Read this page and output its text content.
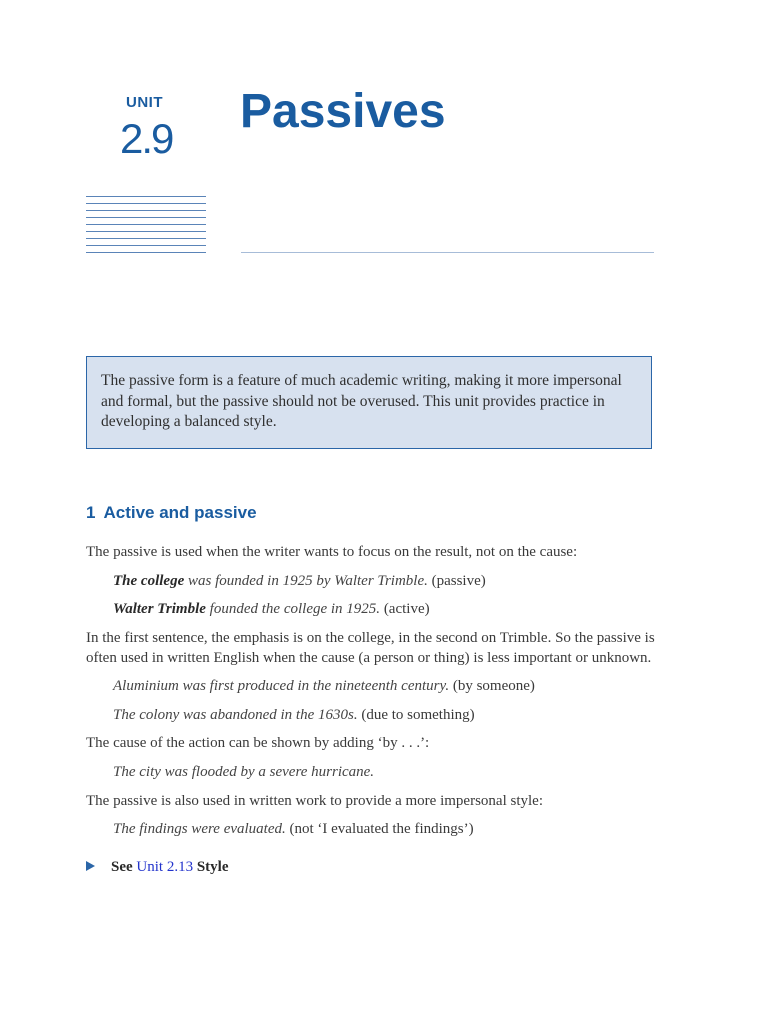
UNIT
2.9
Passives
The passive form is a feature of much academic writing, making it more impersonal and formal, but the passive should not be overused. This unit provides practice in developing a balanced style.
1 Active and passive

The passive is used when the writer wants to focus on the result, not on the cause:

The college was founded in 1925 by Walter Trimble. (passive)

Walter Trimble founded the college in 1925. (active)

In the first sentence, the emphasis is on the college, in the second on Trimble. So the passive is often used in written English when the cause (a person or thing) is less important or unknown.

Aluminium was first produced in the nineteenth century. (by someone)

The colony was abandoned in the 1630s. (due to something)

The cause of the action can be shown by adding ‘by . . .’:

The city was flooded by a severe hurricane.

The passive is also used in written work to provide a more impersonal style:

The findings were evaluated. (not ‘I evaluated the findings’)

See Unit 2.13 Style
